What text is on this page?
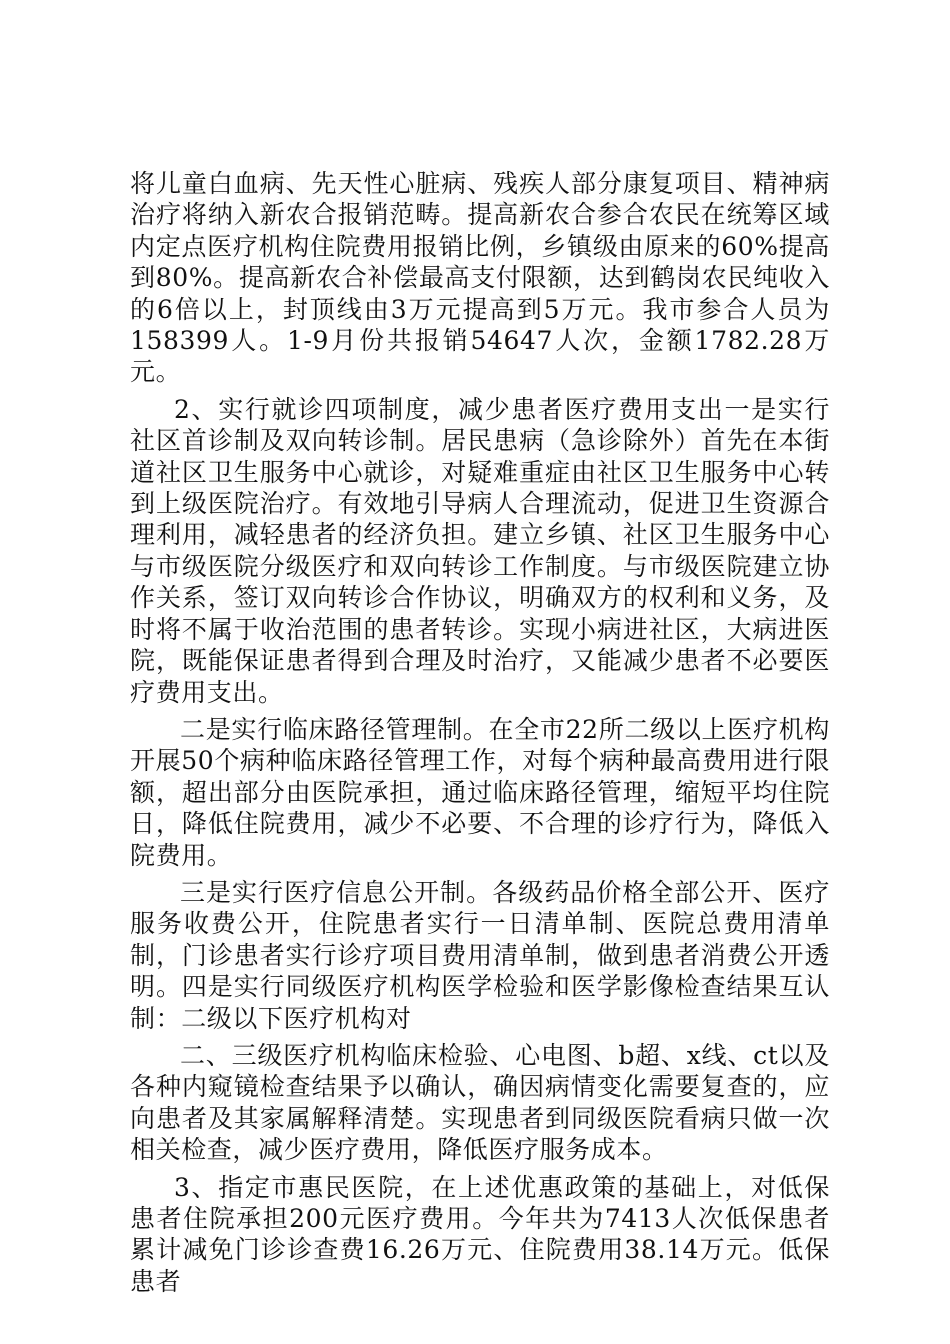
将儿童白血病、先天性心脏病、残疾人部分康复项目、精神病治疗将纳入新农合报销范畴。提高新农合参合农民在统筹区域内定点医疗机构住院费用报销比例，乡镇级由原来的60%提高到80%。提高新农合补偿最高支付限额，达到鹤岗农民纯收入的6倍以上，封顶线由3万元提高到5万元。我市参合人员为158399人。1-9月份共报销54647人次，金额1782.28万元。

2、实行就诊四项制度，减少患者医疗费用支出一是实行社区首诊制及双向转诊制。居民患病（急诊除外）首先在本街道社区卫生服务中心就诊，对疑难重症由社区卫生服务中心转到上级医院治疗。有效地引导病人合理流动，促进卫生资源合理利用，减轻患者的经济负担。建立乡镇、社区卫生服务中心与市级医院分级医疗和双向转诊工作制度。与市级医院建立协作关系，签订双向转诊合作协议，明确双方的权利和义务，及时将不属于收治范围的患者转诊。实现小病进社区，大病进医院，既能保证患者得到合理及时治疗，又能减少患者不必要医疗费用支出。

二是实行临床路径管理制。在全市22所二级以上医疗机构开展50个病种临床路径管理工作，对每个病种最高费用进行限额，超出部分由医院承担，通过临床路径管理，缩短平均住院日，降低住院费用，减少不必要、不合理的诊疗行为，降低入院费用。

三是实行医疗信息公开制。各级药品价格全部公开、医疗服务收费公开，住院患者实行一日清单制、医院总费用清单制，门诊患者实行诊疗项目费用清单制，做到患者消费公开透明。四是实行同级医疗机构医学检验和医学影像检查结果互认制：二级以下医疗机构对

二、三级医疗机构临床检验、心电图、b超、x线、ct以及各种内窥镜检查结果予以确认，确因病情变化需要复查的，应向患者及其家属解释清楚。实现患者到同级医院看病只做一次相关检查，减少医疗费用，降低医疗服务成本。

3、指定市惠民医院，在上述优惠政策的基础上，对低保患者住院承担200元医疗费用。今年共为7413人次低保患者累计减免门诊诊查费16.26万元、住院费用38.14万元。低保患者
